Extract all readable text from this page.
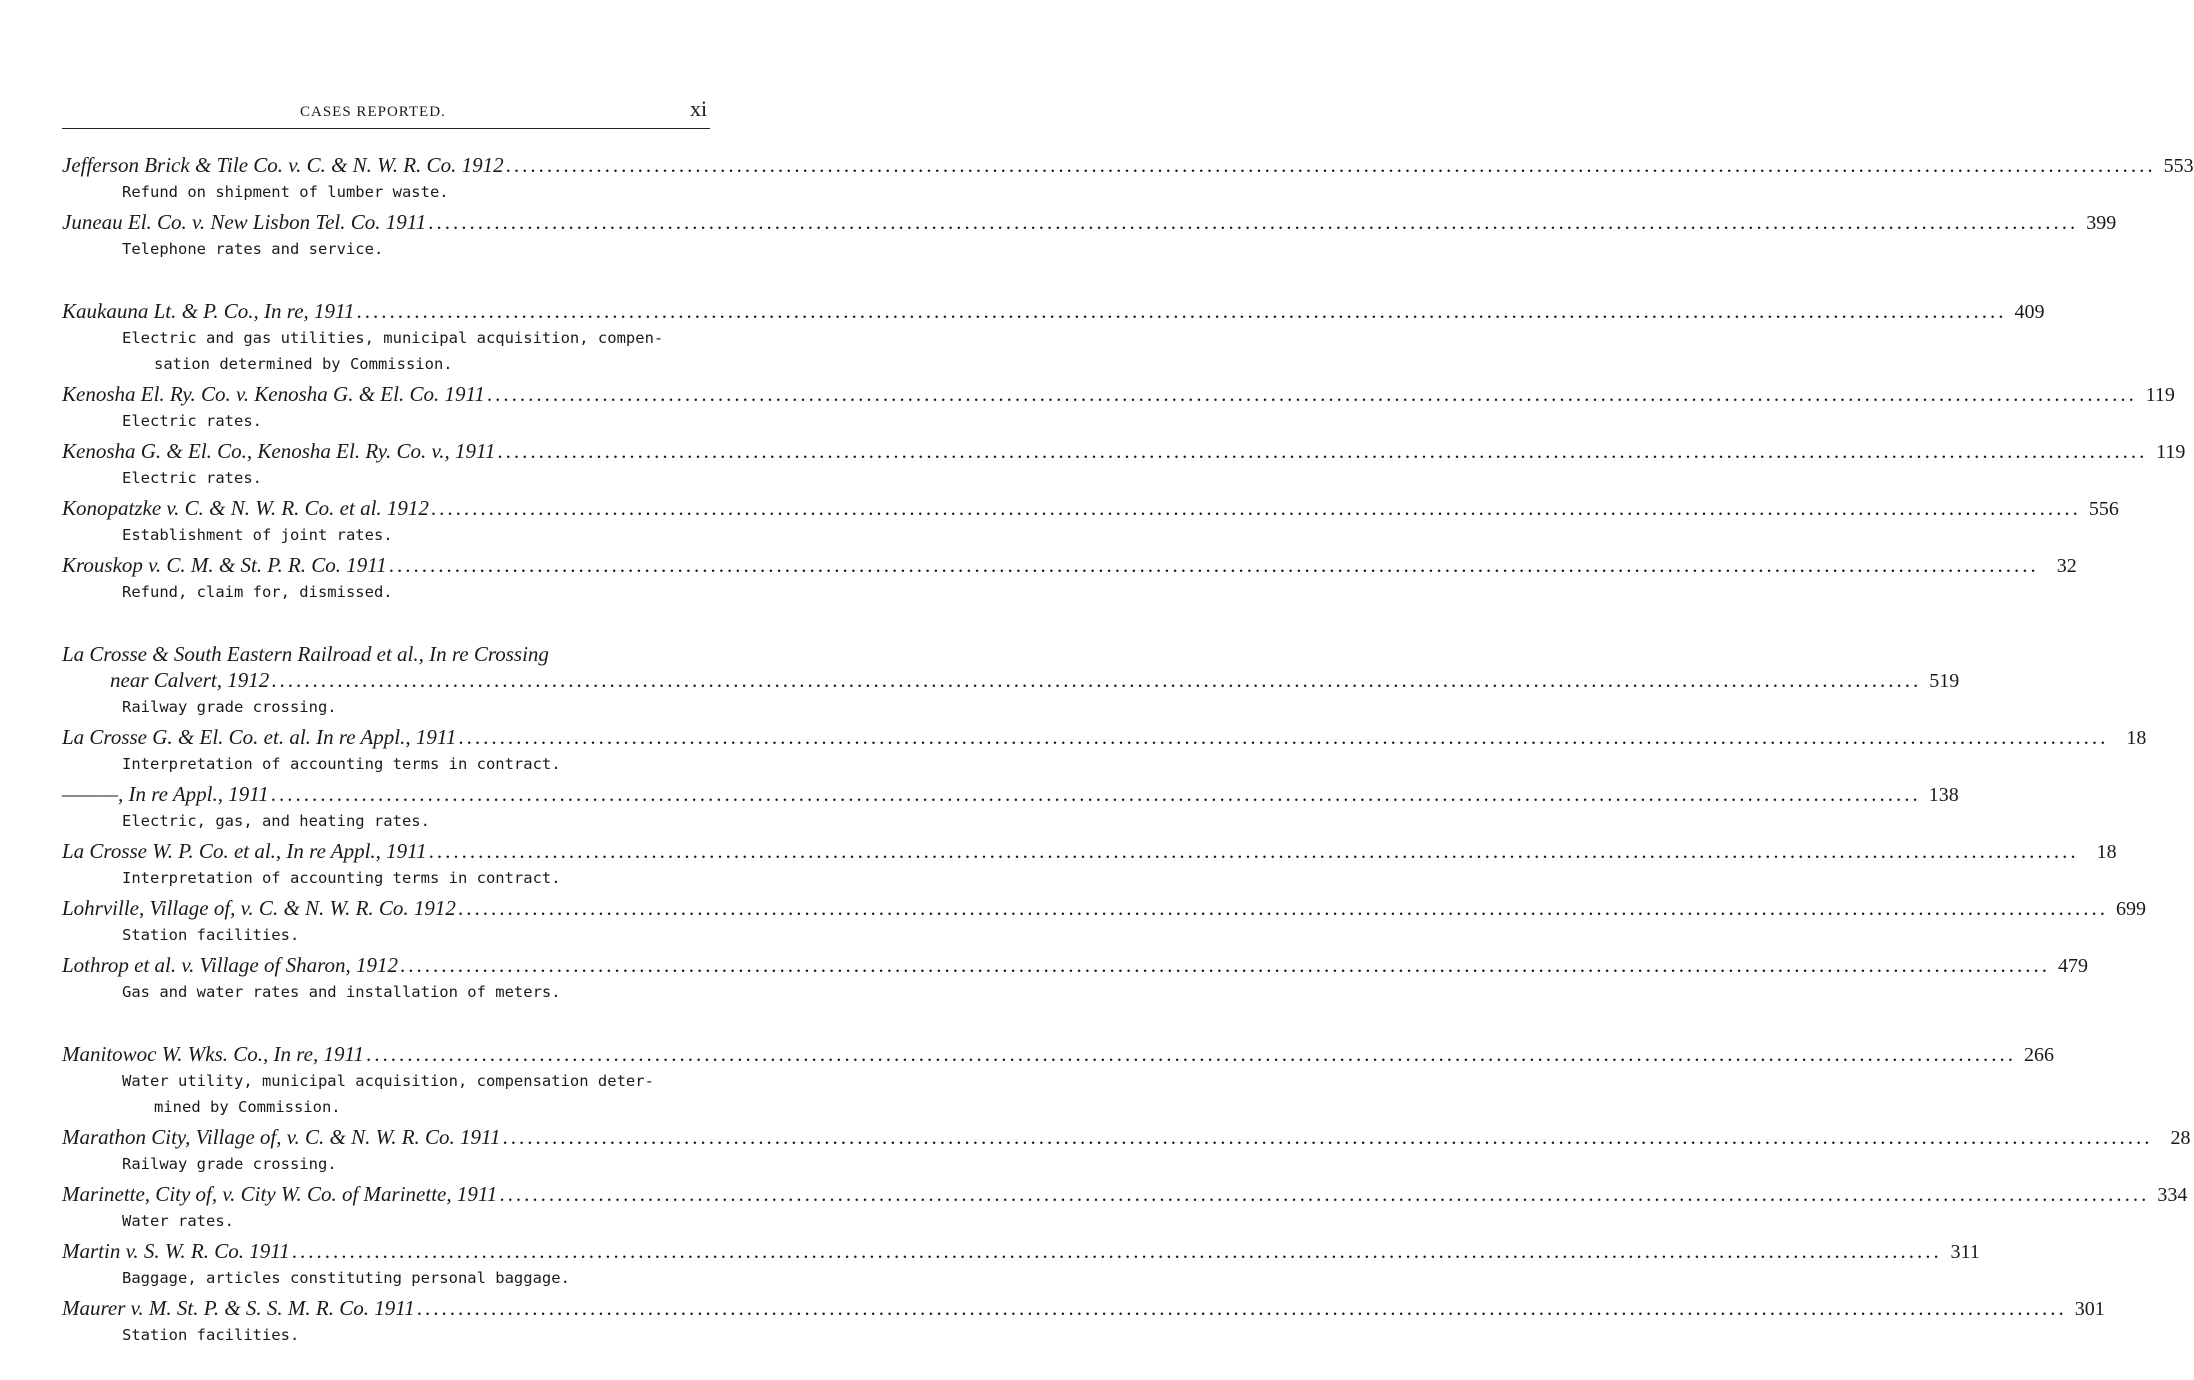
CASES REPORTED.	xi
Jefferson Brick & Tile Co. v. C. & N. W. R. Co. 1912 ........................................................................................................................................................................................................ 553
Refund on shipment of lumber waste.
Juneau El. Co. v. New Lisbon Tel. Co. 1911 ........................................................................................................................................................................................................ 399
Telephone rates and service.
Kaukauna Lt. & P. Co., In re, 1911 ........................................................................................................................................................................................................ 409
Electric and gas utilities, municipal acquisition, compen-
sation determined by Commission.
Kenosha El. Ry. Co. v. Kenosha G. & El. Co. 1911 ........................................................................................................................................................................................................ 119
Electric rates.
Kenosha G. & El. Co., Kenosha El. Ry. Co. v., 1911 ........................................................................................................................................................................................................ 119
Electric rates.
Konopatzke v. C. & N. W. R. Co. et al. 1912 ........................................................................................................................................................................................................ 556
Establishment of joint rates.
Krouskop v. C. M. & St. P. R. Co. 1911 ........................................................................................................................................................................................................ 32
Refund, claim for, dismissed.
La Crosse & South Eastern Railroad et al., In re Crossing
near Calvert, 1912 ........................................................................................................................................................................................................ 519
Railway grade crossing.
La Crosse G. & El. Co. et. al. In re Appl., 1911 ........................................................................................................................................................................................................ 18
Interpretation of accounting terms in contract.
———, In re Appl., 1911 ........................................................................................................................................................................................................ 138
Electric, gas, and heating rates.
La Crosse W. P. Co. et al., In re Appl., 1911 ........................................................................................................................................................................................................ 18
Interpretation of accounting terms in contract.
Lohrville, Village of, v. C. & N. W. R. Co. 1912 ........................................................................................................................................................................................................ 699
Station facilities.
Lothrop et al. v. Village of Sharon, 1912 ........................................................................................................................................................................................................ 479
Gas and water rates and installation of meters.
Manitowoc W. Wks. Co., In re, 1911 ........................................................................................................................................................................................................ 266
Water utility, municipal acquisition, compensation deter-
mined by Commission.
Marathon City, Village of, v. C. & N. W. R. Co. 1911 ........................................................................................................................................................................................................ 28
Railway grade crossing.
Marinette, City of, v. City W. Co. of Marinette, 1911 ........................................................................................................................................................................................................ 334
Water rates.
Martin v. S. W. R. Co. 1911 ........................................................................................................................................................................................................ 311
Baggage, articles constituting personal baggage.
Maurer v. M. St. P. & S. S. M. R. Co. 1911 ........................................................................................................................................................................................................ 301
Station facilities.
